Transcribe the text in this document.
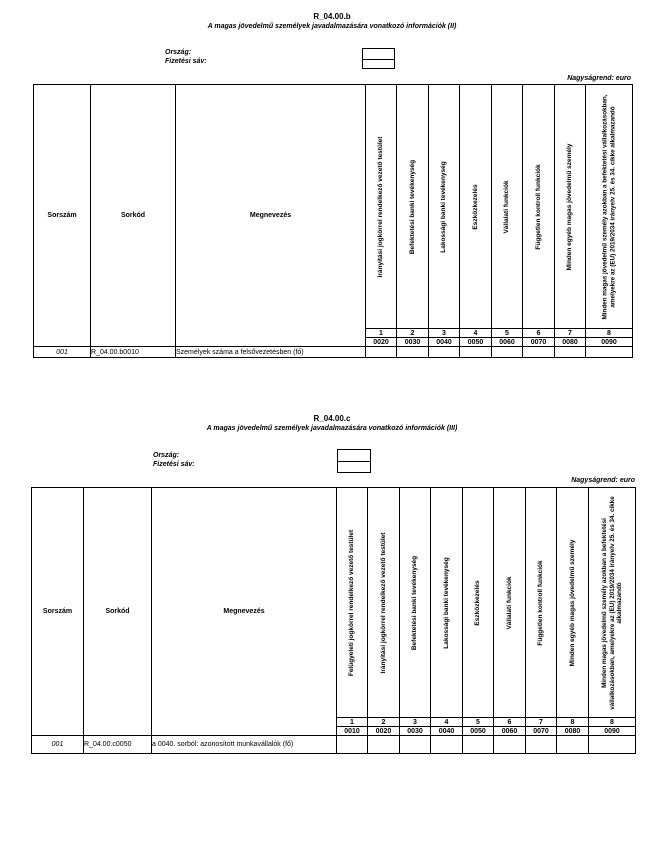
R_04.00.b
A magas jövedelmű személyek javadalmazására vonatkozó információk (II)
Ország:
Fizetési sáv:
Nagyságrend: euro
Sorszám	Sorkód	Megnevezés	Irányítási jogkörrel rendelkező vezető testület	Befektetési banki tevékenység	Lakossági banki tevékenység	Eszközkezelés	Vállalati funkciók	Független kontroll funkciók	Minden egyéb magas jövedelmű személy	Minden magas jövedelmű személy azokban a befektetési vállalkozásokban, amelyekre az (EU) 2019/2034 irányelv 25. és 34. cikke alkalmazandó

			1	2	3	4	5	6	7	8
			0020	0030	0040	0050	0060	0070	0080	0090
001	R_04.00.b0010	Személyek száma a felsővezetésben (fő)								
R_04.00.c
A magas jövedelmű személyek javadalmazására vonatkozó információk (III)
Ország:
Fizetési sáv:
Nagyságrend: euro
Sorszám	Sorkód	Megnevezés	Felügyeleti jogkörrel rendelkező vezető testület	Irányítási jogkörrel rendelkező vezető testület	Befektetési banki tevékenység	Lakossági banki tevékenység	Eszközkezelés	Vállalati funkciók	Független kontroll funkciók	Minden egyéb magas jövedelmű személy	Minden magas jövedelmű személy azokban a befektetési vállalkozásokban, amelyekre az (EU) 2019/2034 irányelv 25. és 34. cikke alkalmazandó

			1	2	3	4	5	6	7	8	8
			0010	0020	0030	0040	0050	0060	0070	0080	0090
001	R_04.00.c0050	a 0040. sorból: azonosított munkavállalók (fő)									
